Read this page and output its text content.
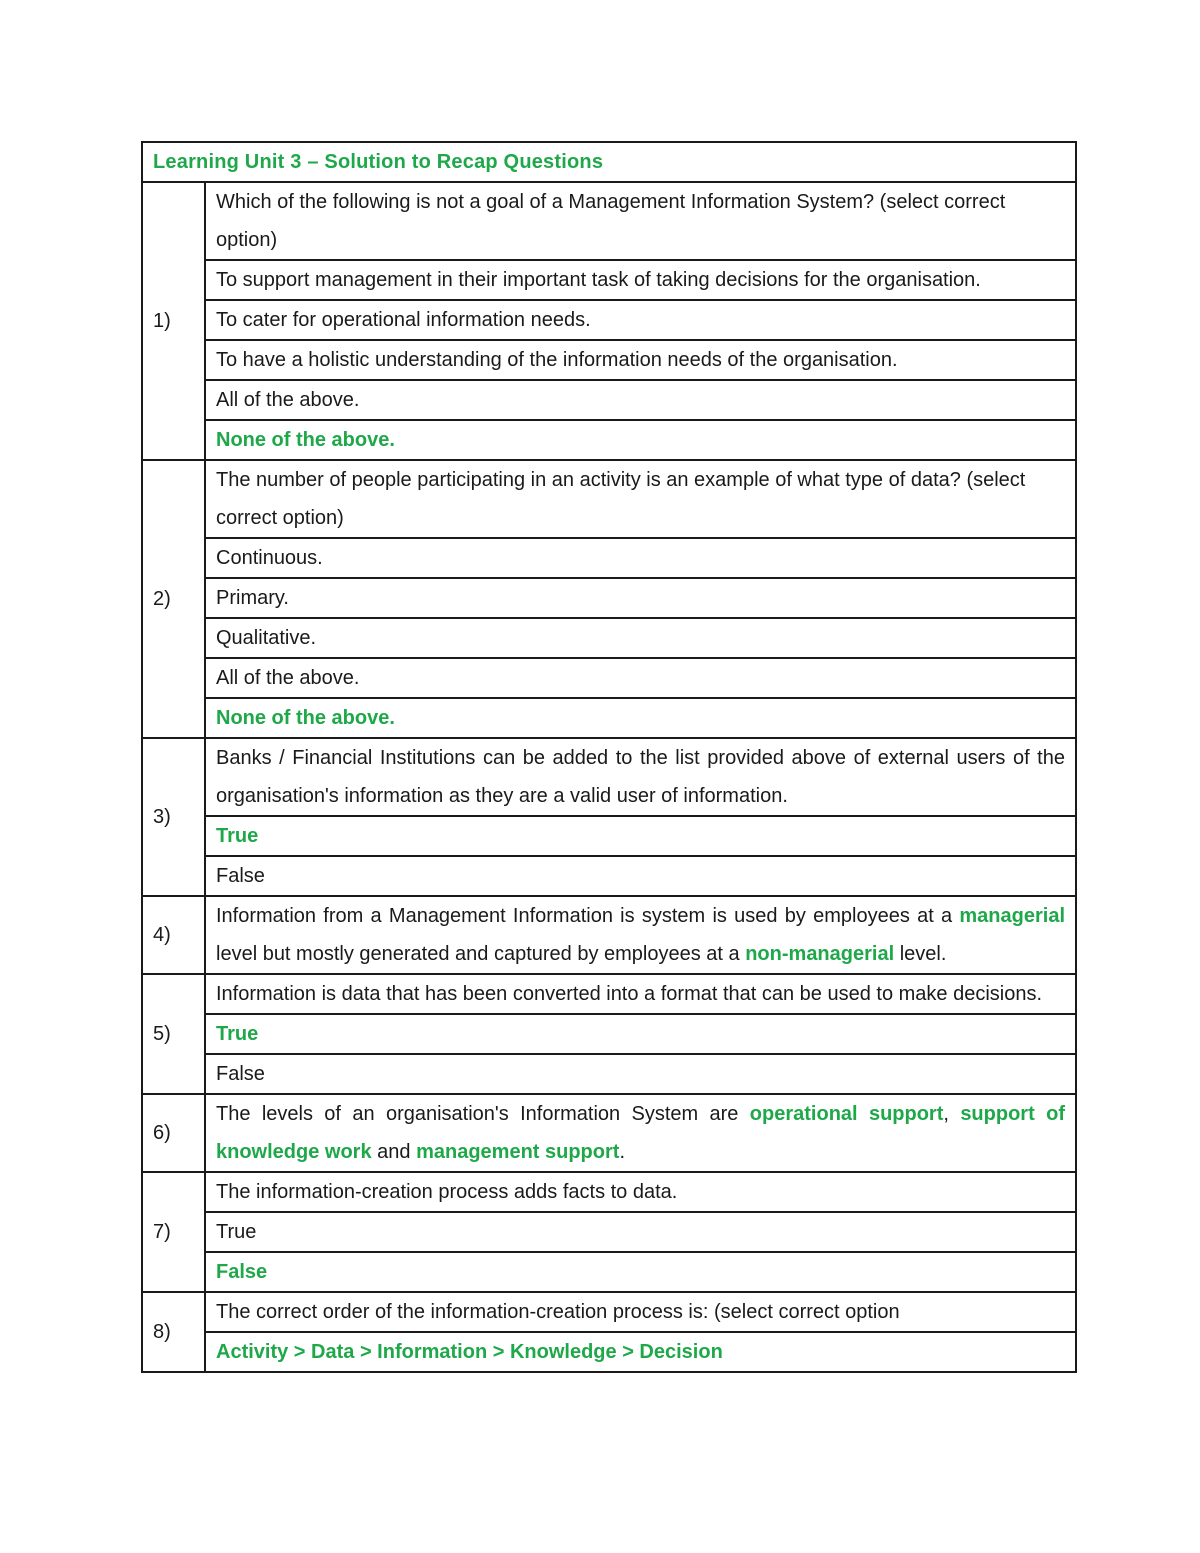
Learning Unit 3 – Solution to Recap Questions	
1)	Which of the following is not a goal of a Management Information System? (select correct option)
	To support management in their important task of taking decisions for the organisation.
	To cater for operational information needs.
	To have a holistic understanding of the information needs of the organisation.
	All of the above.
	None of the above.
2)	The number of people participating in an activity is an example of what type of data? (select correct option)
	Continuous.
	Primary.
	Qualitative.
	All of the above.
	None of the above.
3)	Banks / Financial Institutions can be added to the list provided above of external users of the organisation's information as they are a valid user of information.
	True
	False
4)	Information from a Management Information is system is used by employees at a managerial level but mostly generated and captured by employees at a non-managerial level.
5)	Information is data that has been converted into a format that can be used to make decisions.
	True
	False
6)	The levels of an organisation's Information System are operational support, support of knowledge work and management support.
7)	The information-creation process adds facts to data.
	True
	False
8)	The correct order of the information-creation process is: (select correct option
	Activity > Data > Information > Knowledge > Decision
